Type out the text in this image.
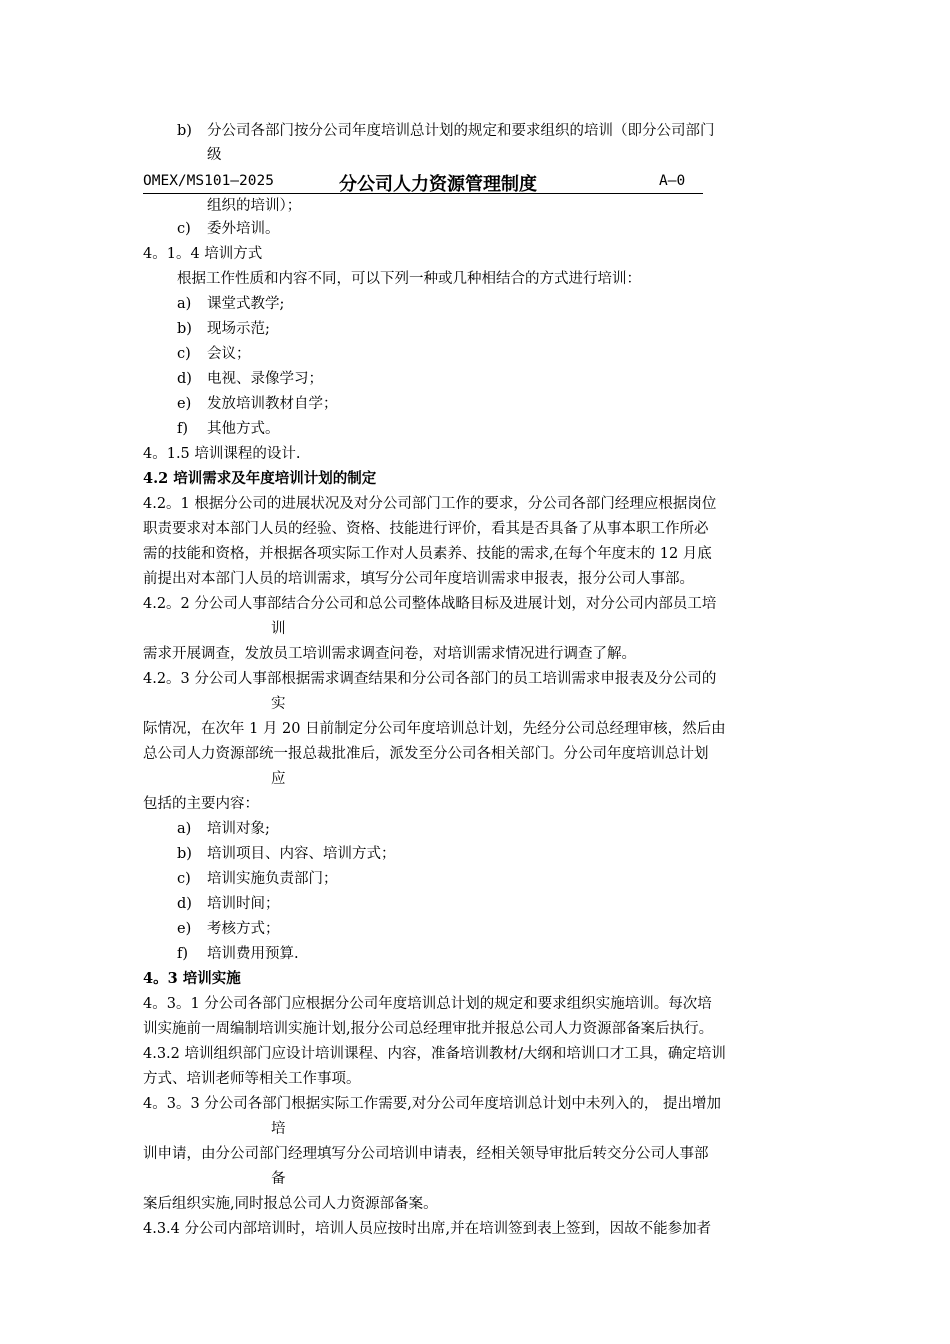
OMEX/MS101—2025	分公司人力资源管理制度	A—0
b) 分公司各部门按分公司年度培训总计划的规定和要求组织的培训（即分公司部门
级
组织的培训）；
c) 委外培训。
4。1。4 培训方式
根据工作性质和内容不同，可以下列一种或几种相结合的方式进行培训：
a) 课堂式教学;
b) 现场示范;
c) 会议；
d) 电视、录像学习；
e) 发放培训教材自学；
f) 其他方式。
4。1.5 培训课程的设计.
4.2 培训需求及年度培训计划的制定
4.2。1 根据分公司的进展状况及对分公司部门工作的要求，分公司各部门经理应根据岗位
职责要求对本部门人员的经验、资格、技能进行评价，看其是否具备了从事本职工作所必
需的技能和资格，并根据各项实际工作对人员素养、技能的需求,在每个年度末的 12 月底
前提出对本部门人员的培训需求，填写分公司年度培训需求申报表，报分公司人事部。
4.2。2 分公司人事部结合分公司和总公司整体战略目标及进展计划，对分公司内部员工培
训
需求开展调查，发放员工培训需求调查问卷，对培训需求情况进行调查了解。
4.2。3 分公司人事部根据需求调查结果和分公司各部门的员工培训需求申报表及分公司的
实
际情况，在次年 1 月 20 日前制定分公司年度培训总计划，先经分公司总经理审核，然后由
总公司人力资源部统一报总裁批准后，派发至分公司各相关部门。分公司年度培训总计划
应
包括的主要内容：
a) 培训对象;
b) 培训项目、内容、培训方式；
c) 培训实施负责部门；
d) 培训时间；
e) 考核方式；
f) 培训费用预算.
4。3 培训实施
4。3。1 分公司各部门应根据分公司年度培训总计划的规定和要求组织实施培训。每次培
训实施前一周编制培训实施计划,报分公司总经理审批并报总公司人力资源部备案后执行。
4.3.2 培训组织部门应设计培训课程、内容，准备培训教材/大纲和培训口才工具，确定培训
方式、培训老师等相关工作事项。
4。3。3 分公司各部门根据实际工作需要,对分公司年度培训总计划中未列入的， 提出增加
培
训申请，由分公司部门经理填写分公司培训申请表，经相关领导审批后转交分公司人事部
备
案后组织实施,同时报总公司人力资源部备案。
4.3.4 分公司内部培训时，培训人员应按时出席,并在培训签到表上签到，因故不能参加者
